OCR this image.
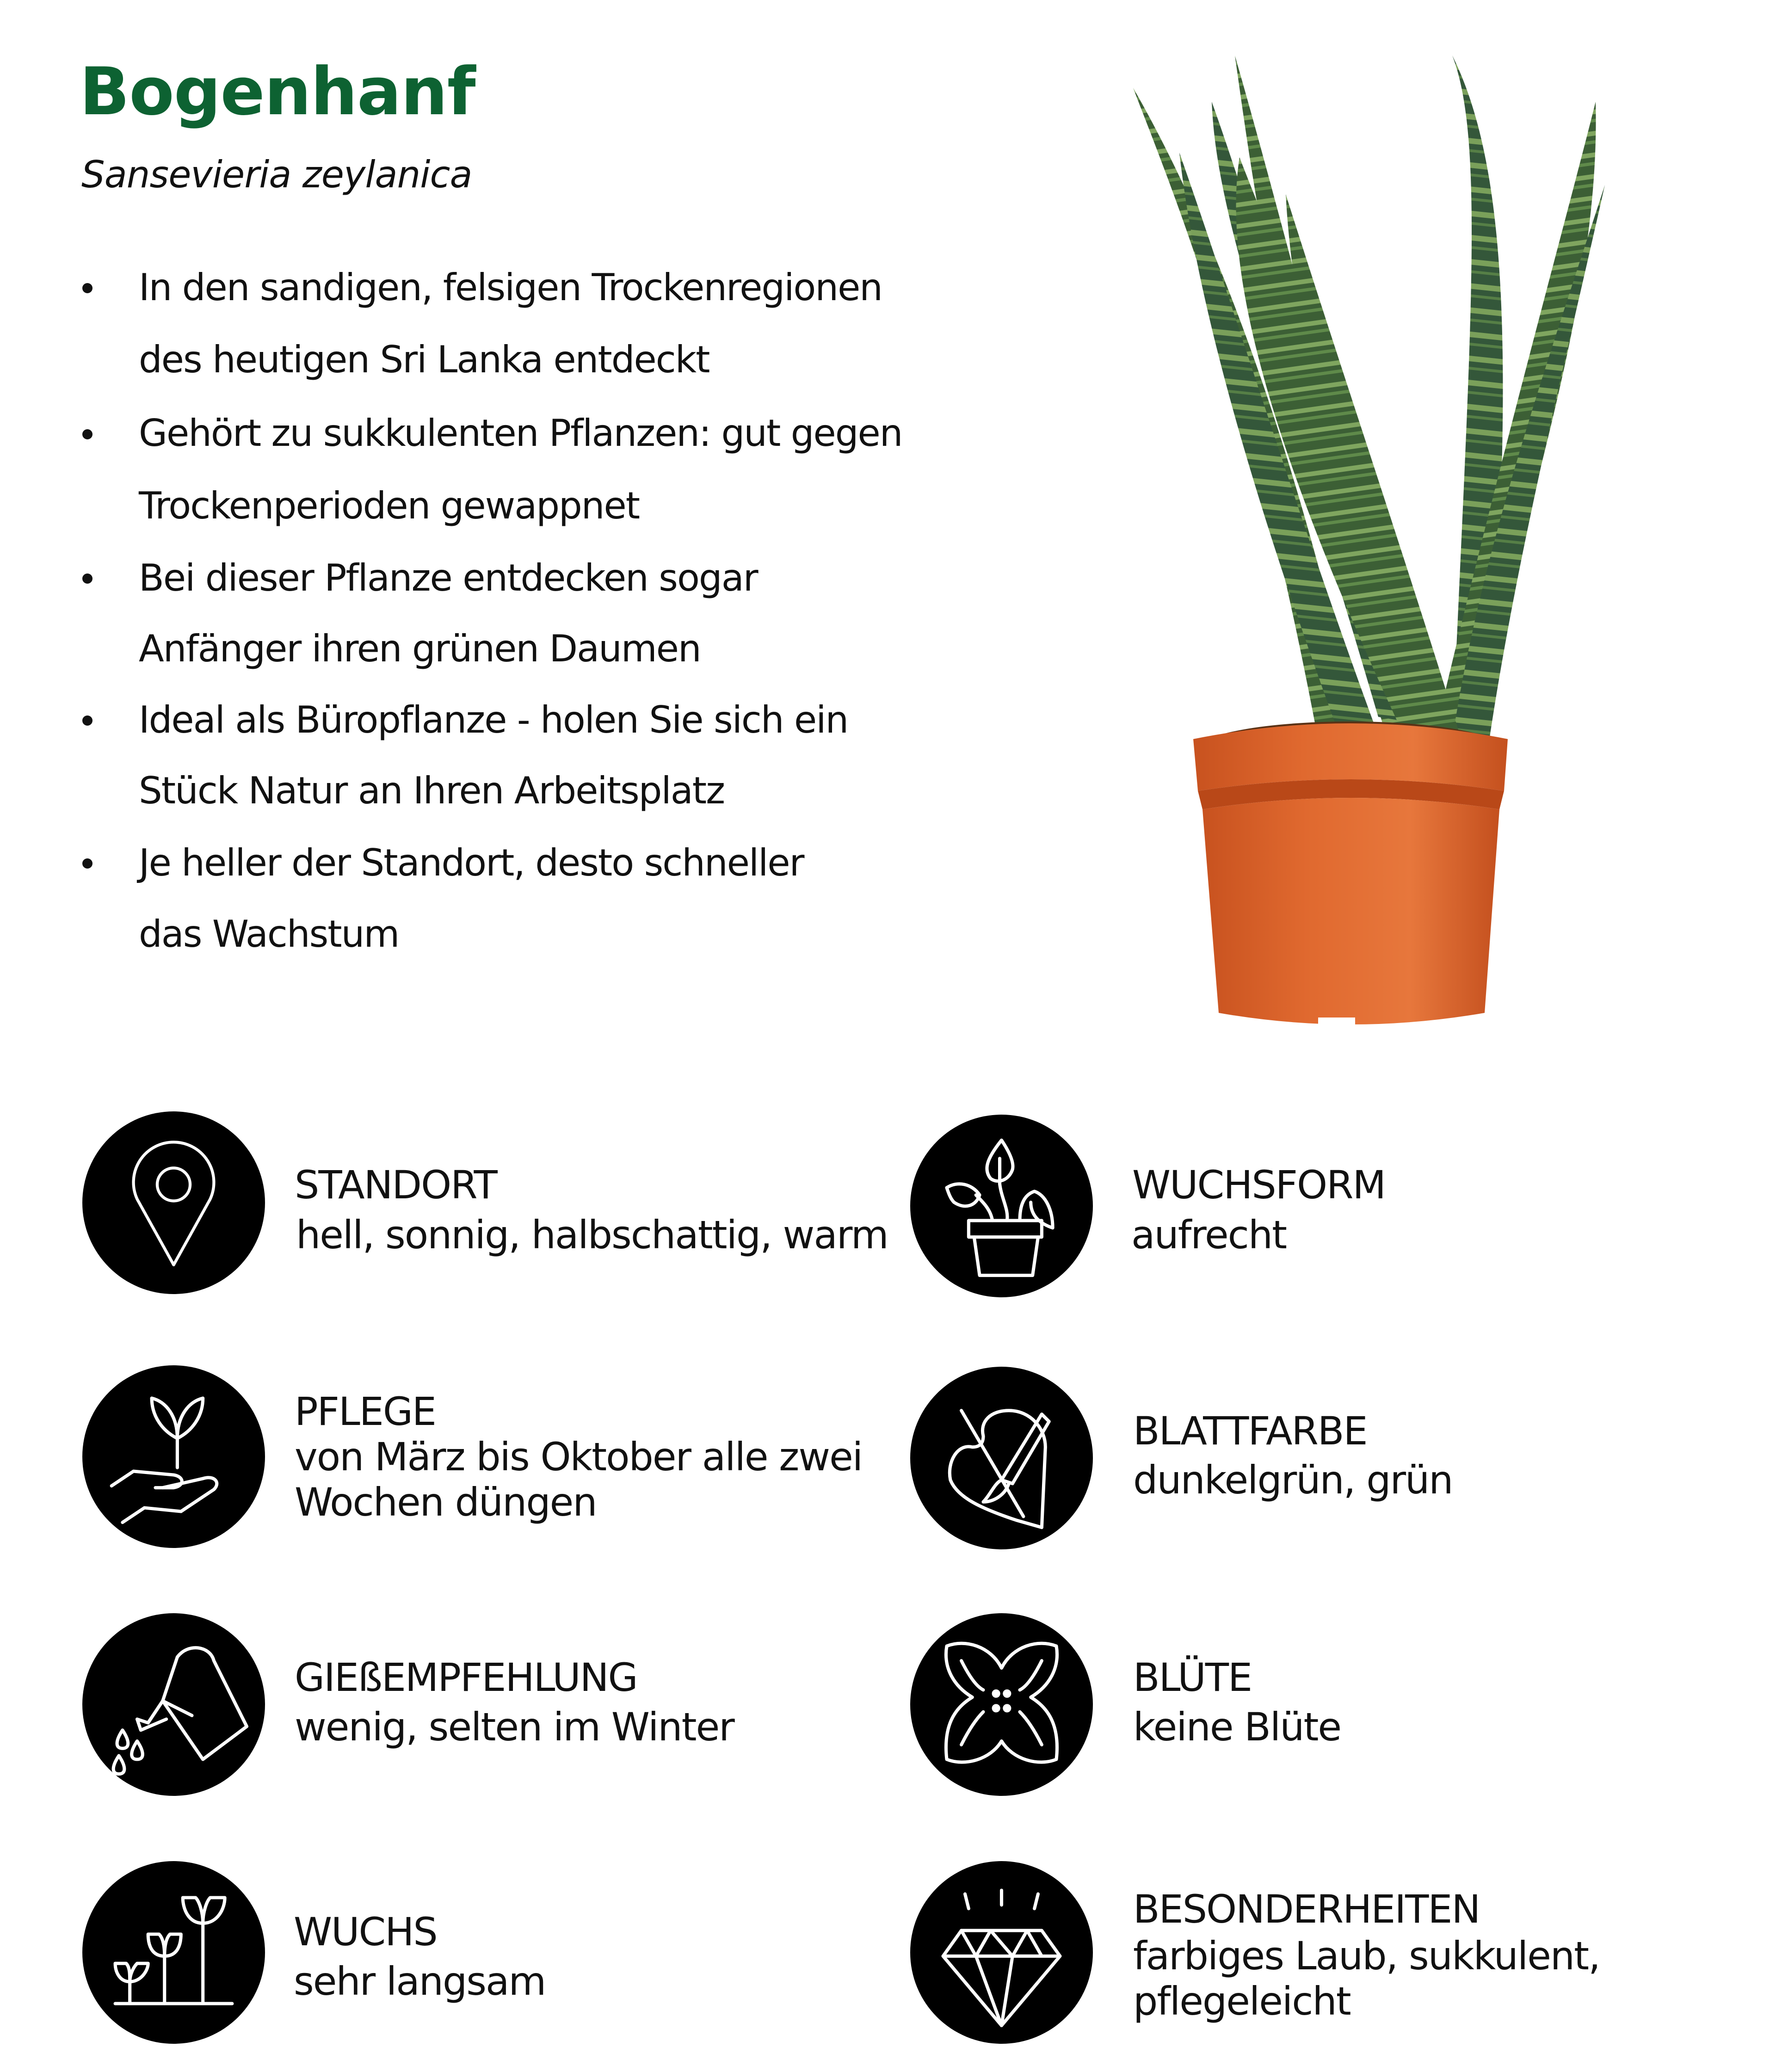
Bogenhanf
Sansevieria zeylanica
In den sandigen, felsigen Trockenregionen
des heutigen Sri Lanka entdeckt
Gehört zu sukkulenten Pflanzen: gut gegen
Trockenperioden gewappnet
Bei dieser Pflanze entdecken sogar
Anfänger ihren grünen Daumen
Ideal als Büropflanze - holen Sie sich ein
Stück Natur an Ihren Arbeitsplatz
Je heller der Standort, desto schneller
das Wachstum
STANDORT
hell, sonnig, halbschattig, warm
WUCHSFORM
aufrecht
PFLEGE
von März bis Oktober alle zwei
Wochen düngen
BLATTFARBE
dunkelgrün, grün
GIEßEMPFEHLUNG
wenig, selten im Winter
BLÜTE
keine Blüte
WUCHS
sehr langsam
BESONDERHEITEN
farbiges Laub, sukkulent,
pflegeleicht
